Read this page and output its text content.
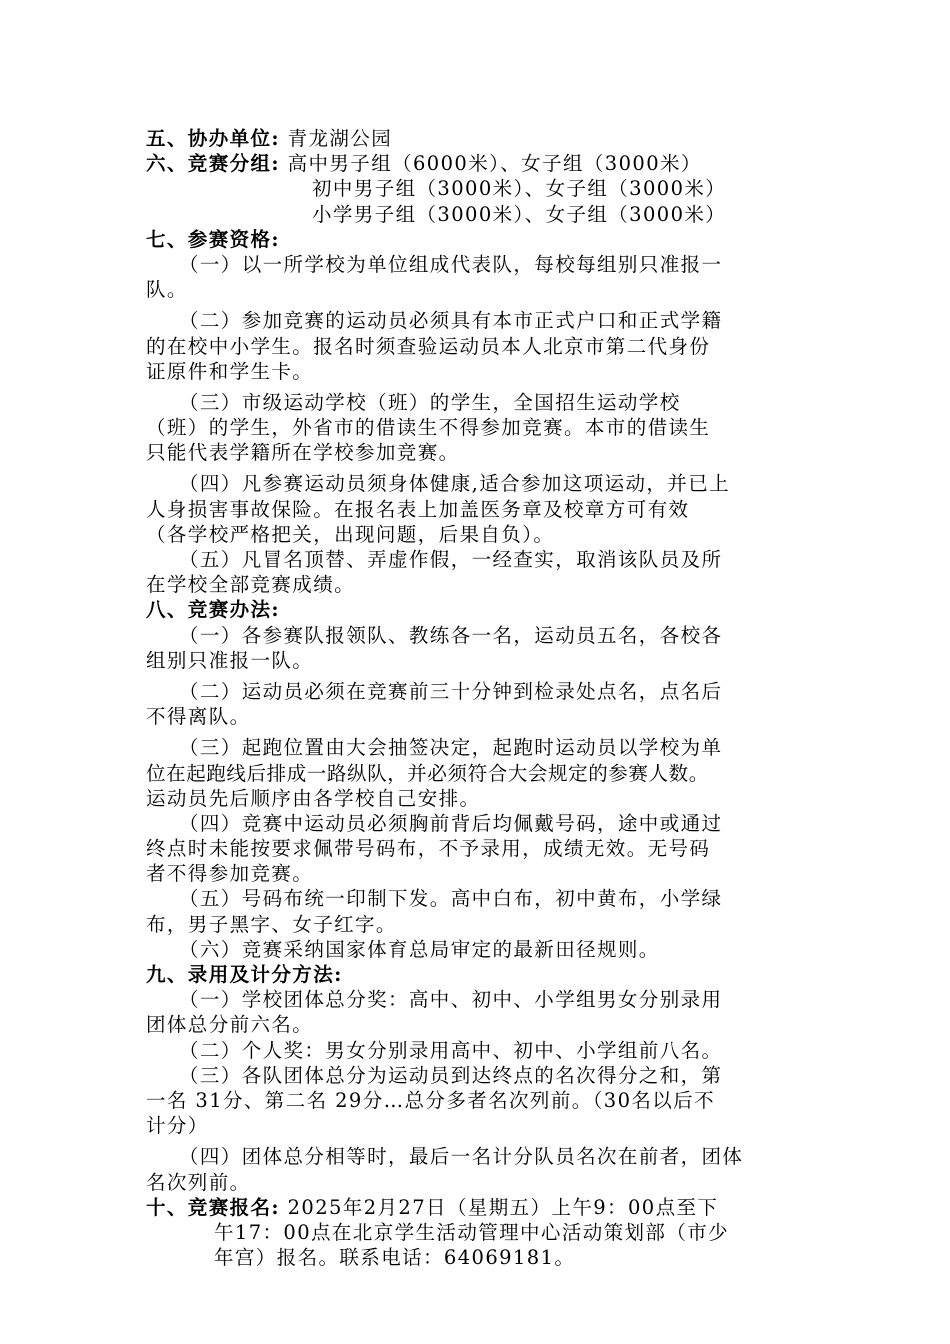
五、协办单位: 青龙湖公园
六、竞赛分组: 高中男子组（6000米）、女子组（3000米）
初中男子组（3000米）、女子组（3000米）
小学男子组（3000米）、女子组（3000米）
七、参赛资格:
（一）以一所学校为单位组成代表队，每校每组别只准报一
队。
（二）参加竞赛的运动员必须具有本市正式户口和正式学籍
的在校中小学生。报名时须查验运动员本人北京市第二代身份
证原件和学生卡。
（三）市级运动学校（班）的学生，全国招生运动学校
（班）的学生，外省市的借读生不得参加竞赛。本市的借读生
只能代表学籍所在学校参加竞赛。
（四）凡参赛运动员须身体健康,适合参加这项运动，并已上
人身损害事故保险。在报名表上加盖医务章及校章方可有效
（各学校严格把关，出现问题，后果自负）。
（五）凡冒名顶替、弄虚作假，一经查实，取消该队员及所
在学校全部竞赛成绩。
八、竞赛办法:
（一）各参赛队报领队、教练各一名，运动员五名，各校各
组别只准报一队。
（二）运动员必须在竞赛前三十分钟到检录处点名，点名后
不得离队。
（三）起跑位置由大会抽签决定，起跑时运动员以学校为单
位在起跑线后排成一路纵队，并必须符合大会规定的参赛人数。
运动员先后顺序由各学校自己安排。
（四）竞赛中运动员必须胸前背后均佩戴号码，途中或通过
终点时未能按要求佩带号码布，不予录用，成绩无效。无号码
者不得参加竞赛。
（五）号码布统一印制下发。高中白布，初中黄布，小学绿
布，男子黑字、女子红字。
（六）竞赛采纳国家体育总局审定的最新田径规则。
九、录用及计分方法:
（一）学校团体总分奖：高中、初中、小学组男女分别录用
团体总分前六名。
（二）个人奖：男女分别录用高中、初中、小学组前八名。
（三）各队团体总分为运动员到达终点的名次得分之和，第
一名 31分、第二名 29分…总分多者名次列前。（30名以后不
计分）
（四）团体总分相等时，最后一名计分队员名次在前者，团体
名次列前。
十、竞赛报名: 2025年2月27日（星期五）上午9：00点至下
午17：00点在北京学生活动管理中心活动策划部（市少
年宫）报名。联系电话：64069181。
